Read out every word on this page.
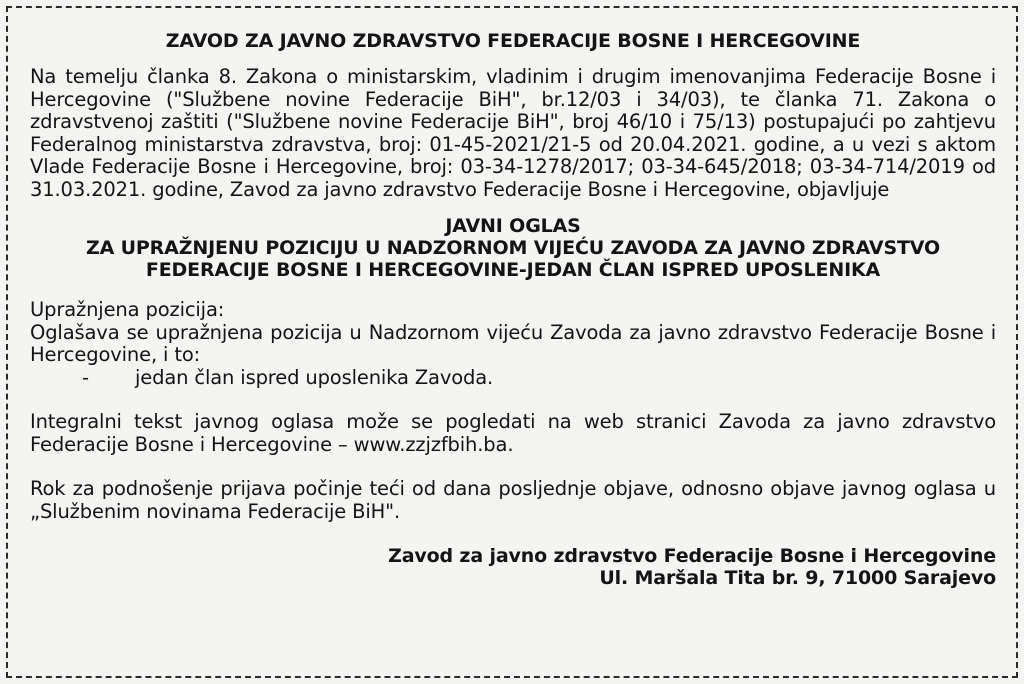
ZAVOD ZA JAVNO ZDRAVSTVO FEDERACIJE BOSNE I HERCEGOVINE

Na temelju članka 8. Zakona o ministarskim, vladinim i drugim imenovanjima Federacije Bosne i Hercegovine ("Službene novine Federacije BiH", br.12/03 i 34/03), te članka 71. Zakona o zdravstvenoj zaštiti ("Službene novine Federacije BiH", broj 46/10 i 75/13) postupajući po zahtjevu Federalnog ministarstva zdravstva, broj: 01-45-2021/21-5 od 20.04.2021. godine, a u vezi s aktom Vlade Federacije Bosne i Hercegovine, broj: 03-34-1278/2017; 03-34-645/2018; 03-34-714/2019 od 31.03.2021. godine, Zavod za javno zdravstvo Federacije Bosne i Hercegovine, objavljuje

JAVNI OGLAS
ZA UPRAŽNJENU POZICIJU U NADZORNOM VIJEĆU ZAVODA ZA JAVNO ZDRAVSTVO
FEDERACIJE BOSNE I HERCEGOVINE-JEDAN ČLAN ISPRED UPOSLENIKA

Upražnjena pozicija:

Oglašava se upražnjena pozicija u Nadzornom vijeću Zavoda za javno zdravstvo Federacije Bosne i Hercegovine, i to:

-	jedan član ispred uposlenika Zavoda.

Integralni tekst javnog oglasa može se pogledati na web stranici Zavoda za javno zdravstvo Federacije Bosne i Hercegovine – www.zzjzfbih.ba.

Rok za podnošenje prijava počinje teći od dana posljednje objave, odnosno objave javnog oglasa u „Službenim novinama Federacije BiH".

Zavod za javno zdravstvo Federacije Bosne i Hercegovine
Ul. Maršala Tita br. 9, 71000 Sarajevo
